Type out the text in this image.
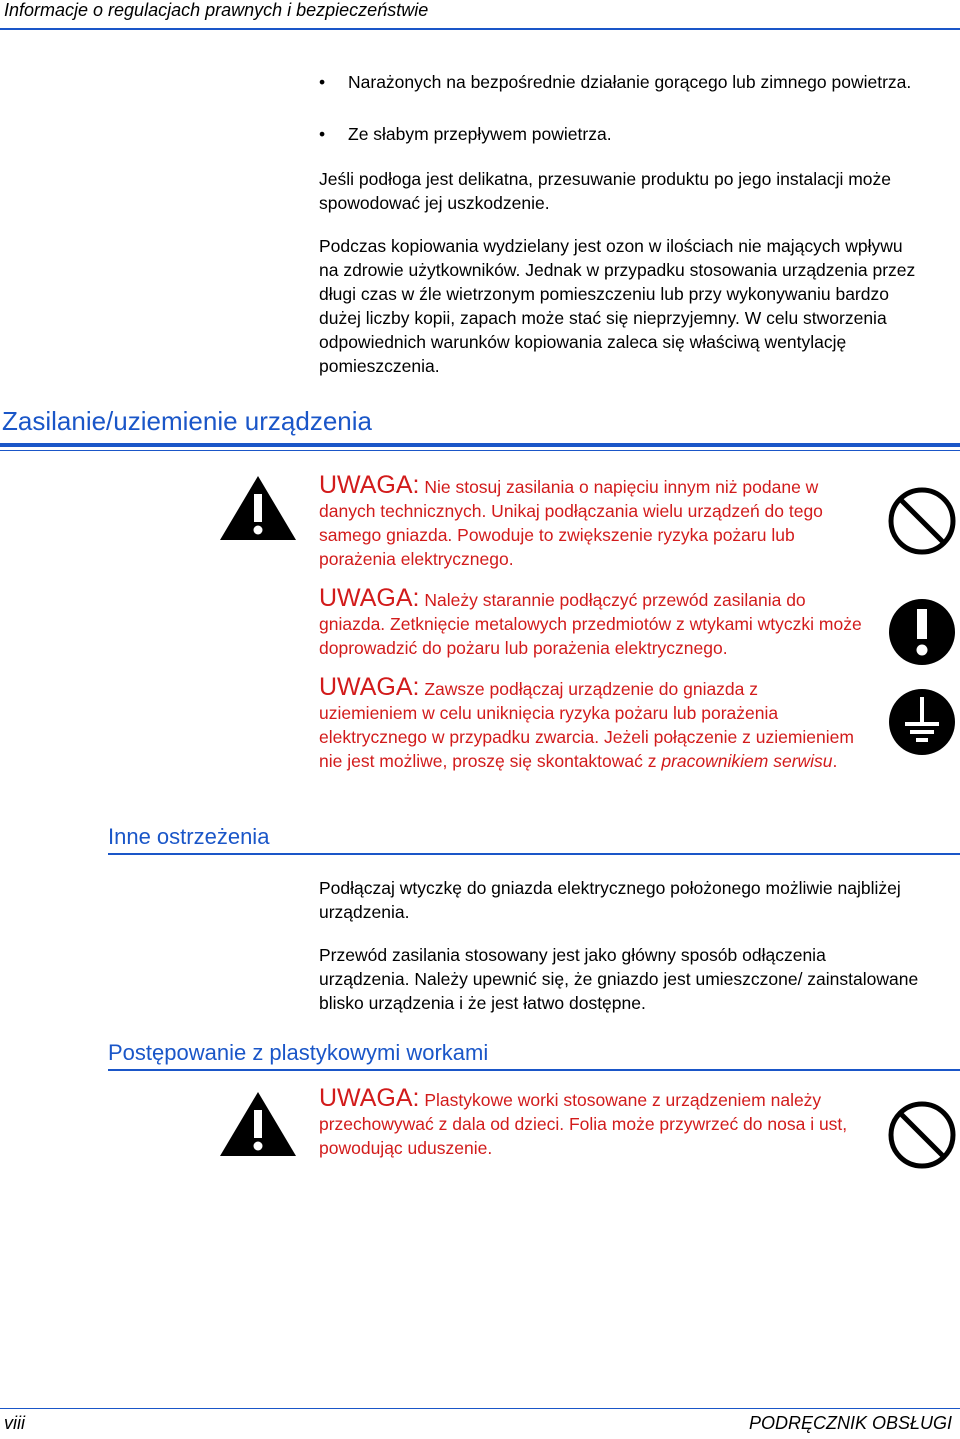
Informacje o regulacjach prawnych i bezpieczeństwie
•	Narażonych na bezpośrednie działanie gorącego lub zimnego powietrza.
•	Ze słabym przepływem powietrza.
Jeśli podłoga jest delikatna, przesuwanie produktu po jego instalacji może spowodować jej uszkodzenie.
Podczas kopiowania wydzielany jest ozon w ilościach nie mających wpływu na zdrowie użytkowników. Jednak w przypadku stosowania urządzenia przez długi czas w źle wietrzonym pomieszczeniu lub przy wykonywaniu bardzo dużej liczby kopii, zapach może stać się nieprzyjemny. W celu stworzenia odpowiednich warunków kopiowania zaleca się właściwą wentylację pomieszczenia.
Zasilanie/uziemienie urządzenia
UWAGA: Nie stosuj zasilania o napięciu innym niż podane w danych technicznych. Unikaj podłączania wielu urządzeń do tego samego gniazda. Powoduje to zwiększenie ryzyka pożaru lub porażenia elektrycznego.
UWAGA: Należy starannie podłączyć przewód zasilania do gniazda. Zetknięcie metalowych przedmiotów z wtykami wtyczki może doprowadzić do pożaru lub porażenia elektrycznego.
UWAGA: Zawsze podłączaj urządzenie do gniazda z uziemieniem w celu uniknięcia ryzyka pożaru lub porażenia elektrycznego w przypadku zwarcia. Jeżeli połączenie z uziemieniem nie jest możliwe, proszę się skontaktować z pracownikiem serwisu.
Inne ostrzeżenia
Podłączaj wtyczkę do gniazda elektrycznego położonego możliwie najbliżej urządzenia.
Przewód zasilania stosowany jest jako główny sposób odłączenia urządzenia. Należy upewnić się, że gniazdo jest umieszczone/ zainstalowane blisko urządzenia i że jest łatwo dostępne.
Postępowanie z plastykowymi workami
UWAGA: Plastykowe worki stosowane z urządzeniem należy przechowywać z dala od dzieci. Folia może przywrzeć do nosa i ust, powodując uduszenie.
viii	PODRĘCZNIK OBSŁUGI
